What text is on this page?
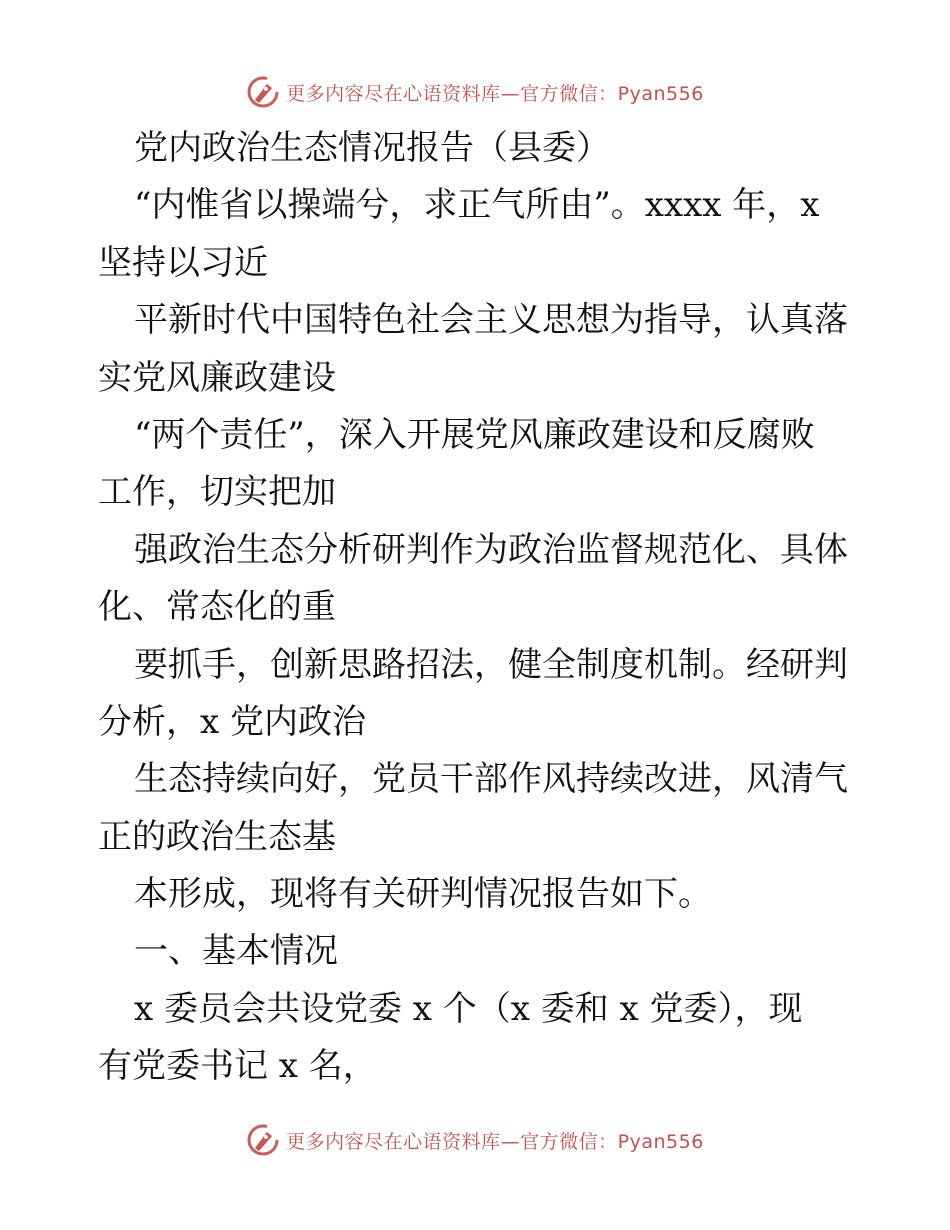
更多内容尽在心语资料库—官方微信：Pyan556
党内政治生态情况报告（县委）
“内惟省以操端兮，求正气所由”。xxxx 年，x
坚持以习近
平新时代中国特色社会主义思想为指导，认真落
实党风廉政建设
“两个责任”，深入开展党风廉政建设和反腐败
工作，切实把加
强政治生态分析研判作为政治监督规范化、具体
化、常态化的重
要抓手，创新思路招法，健全制度机制。经研判
分析，x 党内政治
生态持续向好，党员干部作风持续改进，风清气
正的政治生态基
本形成，现将有关研判情况报告如下。
一、基本情况
x 委员会共设党委 x 个（x 委和 x 党委），现
有党委书记 x 名，
更多内容尽在心语资料库—官方微信：Pyan556
